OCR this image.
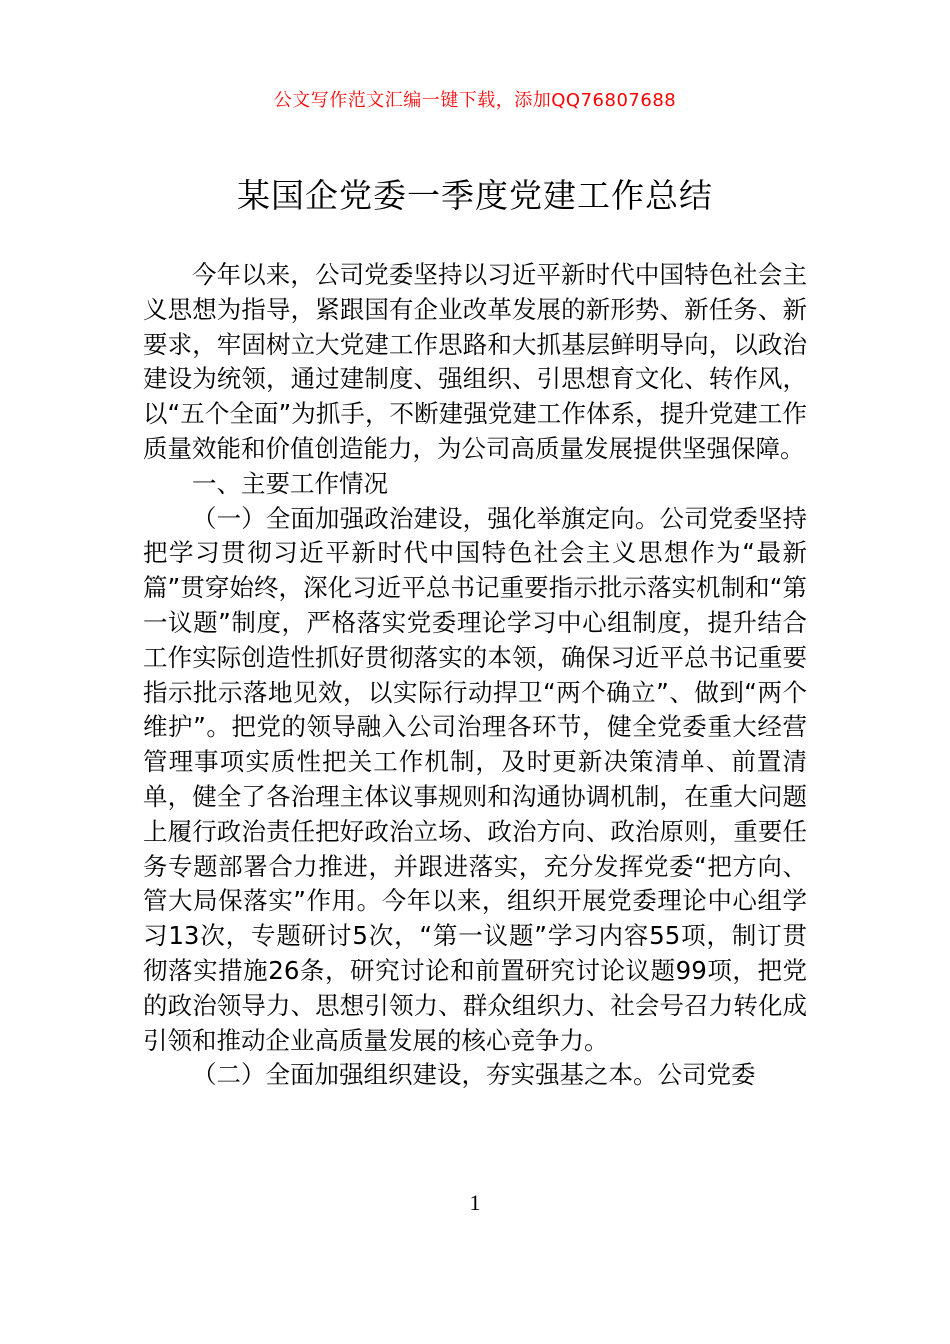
公文写作范文汇编一键下载，添加QQ76807688
某国企党委一季度党建工作总结

今年以来，公司党委坚持以习近平新时代中国特色社会主义思想为指导，紧跟国有企业改革发展的新形势、新任务、新要求，牢固树立大党建工作思路和大抓基层鲜明导向，以政治建设为统领，通过建制度、强组织、引思想育文化、转作风，以“五个全面”为抓手，不断建强党建工作体系，提升党建工作质量效能和价值创造能力，为公司高质量发展提供坚强保障。

一、主要工作情况

（一）全面加强政治建设，强化举旗定向。公司党委坚持把学习贯彻习近平新时代中国特色社会主义思想作为“最新篇”贯穿始终，深化习近平总书记重要指示批示落实机制和“第一议题”制度，严格落实党委理论学习中心组制度，提升结合工作实际创造性抓好贯彻落实的本领，确保习近平总书记重要指示批示落地见效，以实际行动捍卫“两个确立”、做到“两个维护”。把党的领导融入公司治理各环节，健全党委重大经营管理事项实质性把关工作机制，及时更新决策清单、前置清单，健全了各治理主体议事规则和沟通协调机制，在重大问题上履行政治责任把好政治立场、政治方向、政治原则，重要任务专题部署合力推进，并跟进落实，充分发挥党委“把方向、管大局保落实”作用。今年以来，组织开展党委理论中心组学习13次，专题研讨5次，“第一议题”学习内容55项，制订贯彻落实措施26条，研究讨论和前置研究讨论议题99项，把党的政治领导力、思想引领力、群众组织力、社会号召力转化成引领和推动企业高质量发展的核心竞争力。

（二）全面加强组织建设，夯实强基之本。公司党委

1
